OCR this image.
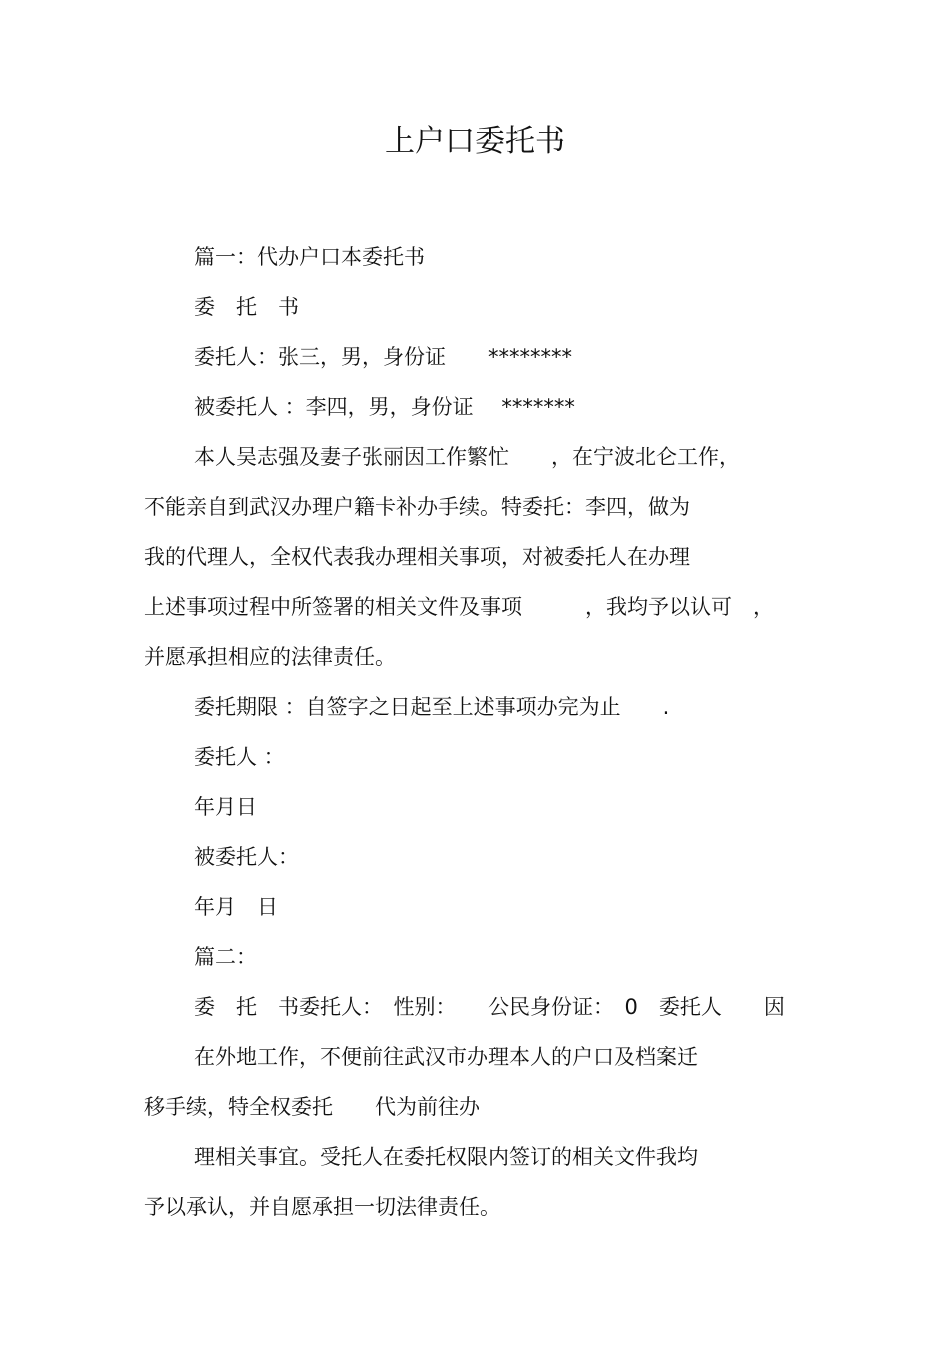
上户口委托书

篇一：代办户口本委托书

委　托　书

委托人：张三，男，身份证　　********

被委托人 ：李四，男，身份证　 *******

本人吴志强及妻子张丽因工作繁忙　　，在宁波北仑工作，

不能亲自到武汉办理户籍卡补办手续。特委托：李四，做为

我的代理人，全权代表我办理相关事项，对被委托人在办理

上述事项过程中所签署的相关文件及事项　　　，我均予以认可　，

并愿承担相应的法律责任。

委托期限 ：自签字之日起至上述事项办完为止　　.

委托人 ：

年月日

被委托人：

年月　日

篇二：

委　托　书委托人：　性别：　　公民身份证：　0　委托人　　因

在外地工作，不便前往武汉市办理本人的户口及档案迁

移手续，特全权委托　　代为前往办

理相关事宜。受托人在委托权限内签订的相关文件我均

予以承认，并自愿承担一切法律责任。
